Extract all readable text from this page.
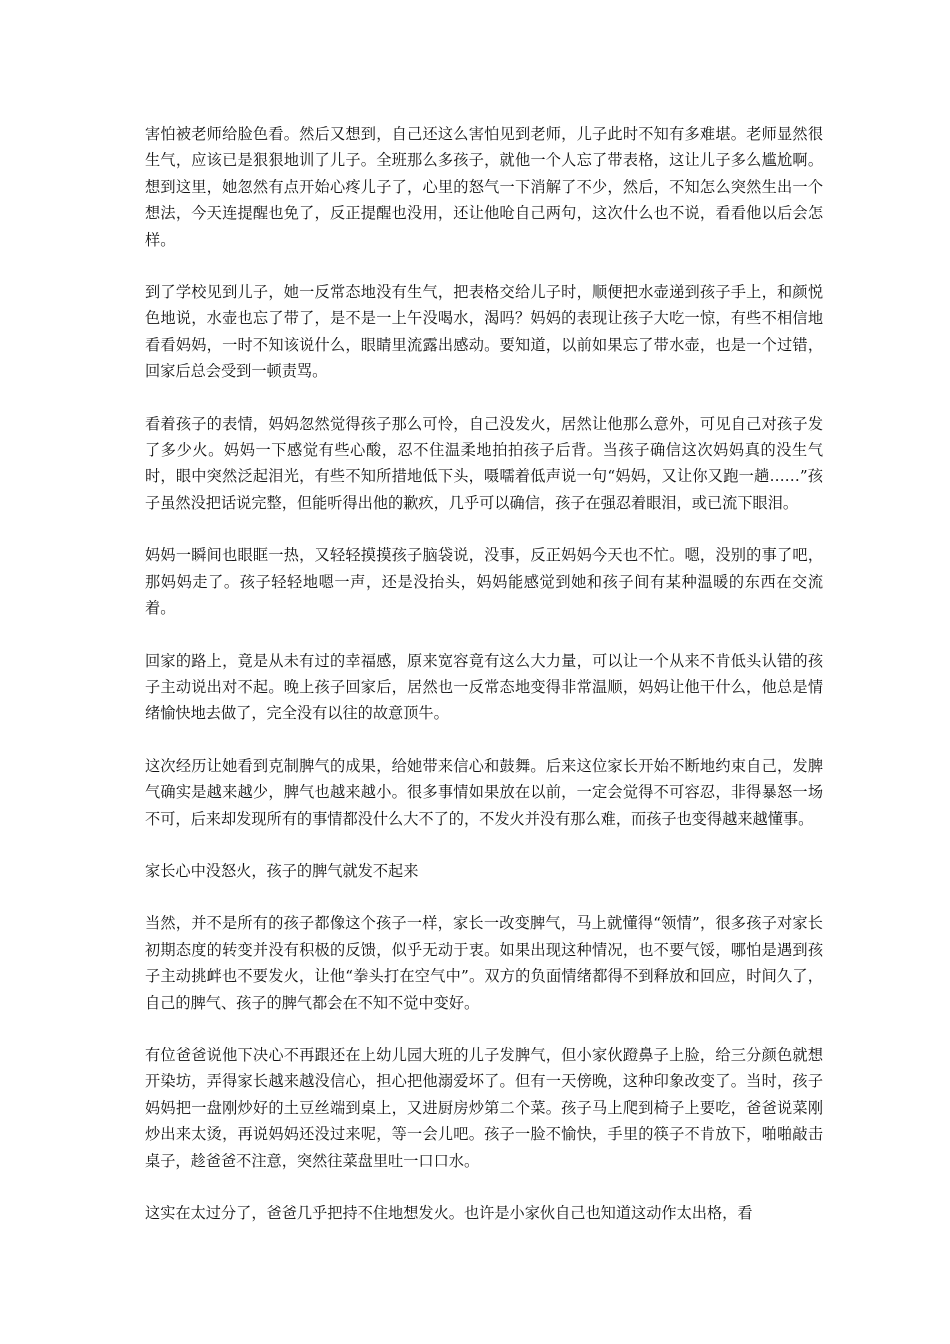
害怕被老师给脸色看。然后又想到，自己还这么害怕见到老师，儿子此时不知有多难堪。老师显然很生气，应该已是狠狠地训了儿子。全班那么多孩子，就他一个人忘了带表格，这让儿子多么尴尬啊。想到这里，她忽然有点开始心疼儿子了，心里的怒气一下消解了不少，然后，不知怎么突然生出一个想法，今天连提醒也免了，反正提醒也没用，还让他呛自己两句，这次什么也不说，看看他以后会怎样。

到了学校见到儿子，她一反常态地没有生气，把表格交给儿子时，顺便把水壶递到孩子手上，和颜悦色地说，水壶也忘了带了，是不是一上午没喝水，渴吗？妈妈的表现让孩子大吃一惊，有些不相信地看看妈妈，一时不知该说什么，眼睛里流露出感动。要知道，以前如果忘了带水壶，也是一个过错，回家后总会受到一顿责骂。

看着孩子的表情，妈妈忽然觉得孩子那么可怜，自己没发火，居然让他那么意外，可见自己对孩子发了多少火。妈妈一下感觉有些心酸，忍不住温柔地拍拍孩子后背。当孩子确信这次妈妈真的没生气时，眼中突然泛起泪光，有些不知所措地低下头，嗫嚅着低声说一句“妈妈，又让你又跑一趟……”孩子虽然没把话说完整，但能听得出他的歉疚，几乎可以确信，孩子在强忍着眼泪，或已流下眼泪。

妈妈一瞬间也眼眶一热，又轻轻摸摸孩子脑袋说，没事，反正妈妈今天也不忙。嗯，没别的事了吧，那妈妈走了。孩子轻轻地嗯一声，还是没抬头，妈妈能感觉到她和孩子间有某种温暖的东西在交流着。

回家的路上，竟是从未有过的幸福感，原来宽容竟有这么大力量，可以让一个从来不肯低头认错的孩子主动说出对不起。晚上孩子回家后，居然也一反常态地变得非常温顺，妈妈让他干什么，他总是情绪愉快地去做了，完全没有以往的故意顶牛。

这次经历让她看到克制脾气的成果，给她带来信心和鼓舞。后来这位家长开始不断地约束自己，发脾气确实是越来越少，脾气也越来越小。很多事情如果放在以前，一定会觉得不可容忍，非得暴怒一场不可，后来却发现所有的事情都没什么大不了的，不发火并没有那么难，而孩子也变得越来越懂事。

家长心中没怒火，孩子的脾气就发不起来

当然，并不是所有的孩子都像这个孩子一样，家长一改变脾气，马上就懂得“领情”，很多孩子对家长初期态度的转变并没有积极的反馈，似乎无动于衷。如果出现这种情况，也不要气馁，哪怕是遇到孩子主动挑衅也不要发火，让他“拳头打在空气中”。双方的负面情绪都得不到释放和回应，时间久了，自己的脾气、孩子的脾气都会在不知不觉中变好。

有位爸爸说他下决心不再跟还在上幼儿园大班的儿子发脾气，但小家伙蹬鼻子上脸，给三分颜色就想开染坊，弄得家长越来越没信心，担心把他溺爱坏了。但有一天傍晚，这种印象改变了。当时，孩子妈妈把一盘刚炒好的土豆丝端到桌上，又进厨房炒第二个菜。孩子马上爬到椅子上要吃，爸爸说菜刚炒出来太烫，再说妈妈还没过来呢，等一会儿吧。孩子一脸不愉快，手里的筷子不肯放下，啪啪敲击桌子，趁爸爸不注意，突然往菜盘里吐一口口水。

这实在太过分了，爸爸几乎把持不住地想发火。也许是小家伙自己也知道这动作太出格，看
